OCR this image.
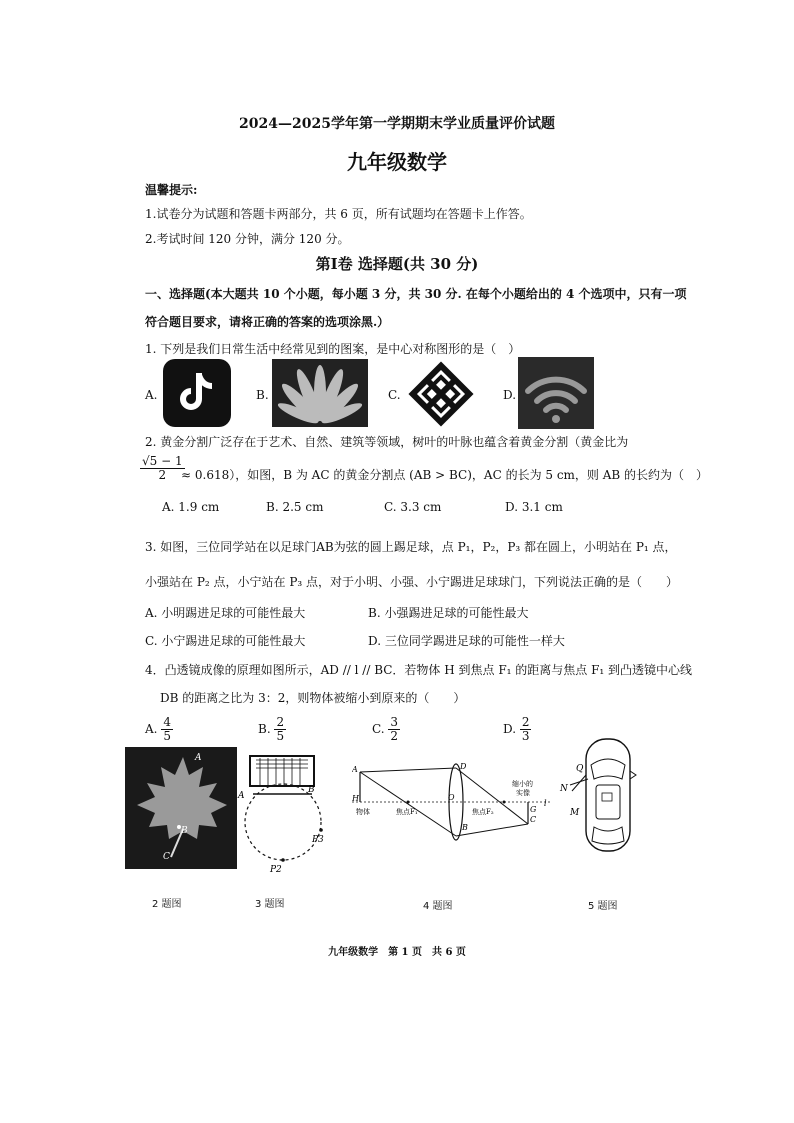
2024—2025学年第一学期期末学业质量评价试题
九年级数学
温馨提示:
1.试卷分为试题和答题卡两部分，共 6 页，所有试题均在答题卡上作答。
2.考试时间 120 分钟，满分 120 分。
第Ⅰ卷 选择题(共 30 分)
一、选择题(本大题共 10 个小题，每小题 3 分，共 30 分. 在每个小题给出的 4 个选项中，只有一项
符合题目要求，请将正确的答案的选项涂黑.）
1. 下列是我们日常生活中经常见到的图案，是中心对称图形的是（　）
A.	B.	C.	D.
2. 黄金分割广泛存在于艺术、自然、建筑等领域，树叶的叶脉也蕴含着黄金分割（黄金比为
$\frac{√5 - 1}{2}$
≈ 0.618），如图，B 为 AC 的黄金分割点 (AB > BC)，AC 的长为 5 cm，则 AB 的长约为（　）
A. 1.9 cm	B. 2.5 cm	C. 3.3 cm	D. 3.1 cm
3. 如图，三位同学站在以足球门AB为弦的圆上踢足球，点 P₁，P₂，P₃ 都在圆上，小明站在 P₁ 点，
小强站在 P₂ 点，小宁站在 P₃ 点，对于小明、小强、小宁踢进足球球门，下列说法正确的是（　　）
A. 小明踢进足球的可能性最大	B. 小强踢进足球的可能性最大
C. 小宁踢进足球的可能性最大	D. 三位同学踢进足球的可能性一样大
4．凸透镜成像的原理如图所示，AD // l // BC．若物体 H 到焦点 F₁ 的距离与焦点 F₁ 到凸透镜中心线
DB 的距离之比为 3：2，则物体被缩小到原来的（　　）
A. $\frac{4}{5}$	B. $\frac{2}{5}$	C. $\frac{3}{2}$	D. $\frac{2}{3}$
A
B
C
A
B
P3
P2
A
H
D
O
B
G
C
l
物体	焦点F₁	焦点F₂
缩小的
实像
Q
N
M
2 题图	3 题图	4 题图	5 题图
九年级数学　第 1 页　共 6 页
